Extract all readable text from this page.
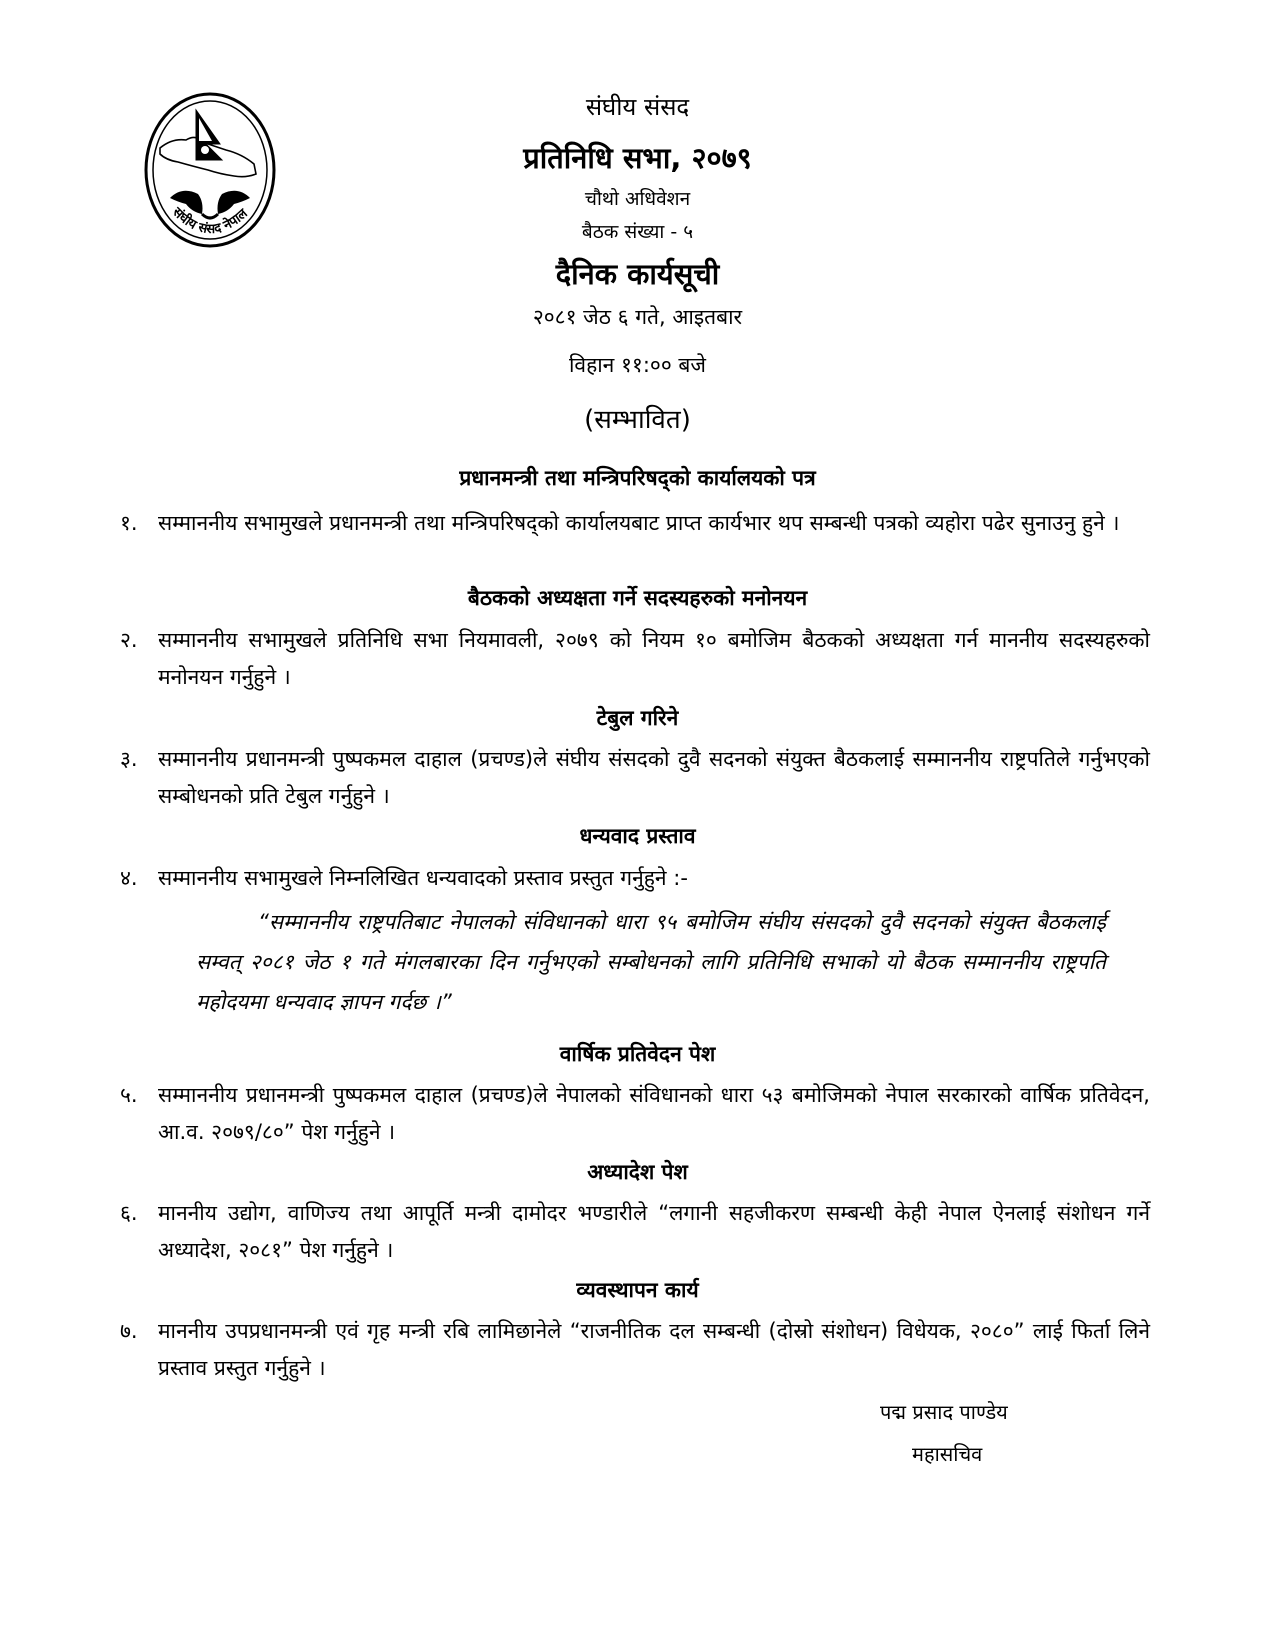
संघीय संसद नेपाल
संघीय संसद
प्रतिनिधि सभा, २०७९
चौथो अधिवेशन
बैठक संख्या - ५
दैनिक कार्यसूची
२०८१ जेठ ६ गते, आइतबार
विहान ११:०० बजे
(सम्भावित)
प्रधानमन्त्री तथा मन्त्रिपरिषद्को कार्यालयको पत्र
१. सम्माननीय सभामुखले प्रधानमन्त्री तथा मन्त्रिपरिषद्को कार्यालयबाट प्राप्त कार्यभार थप सम्बन्धी पत्रको व्यहोरा पढेर सुनाउनु हुने ।
बैठकको अध्यक्षता गर्ने सदस्यहरुको मनोनयन
२. सम्माननीय सभामुखले प्रतिनिधि सभा नियमावली, २०७९ को नियम १० बमोजिम बैठकको अध्यक्षता गर्न माननीय सदस्यहरुको मनोनयन गर्नुहुने ।
टेबुल गरिने
३. सम्माननीय प्रधानमन्त्री पुष्पकमल दाहाल (प्रचण्ड)ले संघीय संसदको दुवै सदनको संयुक्त बैठकलाई सम्माननीय राष्ट्रपतिले गर्नुभएको सम्बोधनको प्रति टेबुल गर्नुहुने ।
धन्यवाद प्रस्ताव
४. सम्माननीय सभामुखले निम्नलिखित धन्यवादको प्रस्ताव प्रस्तुत गर्नुहुने :-
“सम्माननीय राष्ट्रपतिबाट नेपालको संविधानको धारा ९५ बमोजिम संघीय संसदको दुवै सदनको संयुक्त बैठकलाई सम्वत् २०८१ जेठ १ गते मंगलबारका दिन गर्नुभएको सम्बोधनको लागि प्रतिनिधि सभाको यो बैठक सम्माननीय राष्ट्रपति महोदयमा धन्यवाद ज्ञापन गर्दछ ।”
वार्षिक प्रतिवेदन पेश
५. सम्माननीय प्रधानमन्त्री पुष्पकमल दाहाल (प्रचण्ड)ले नेपालको संविधानको धारा ५३ बमोजिमको नेपाल सरकारको वार्षिक प्रतिवेदन, आ.व. २०७९/८०” पेश गर्नुहुने ।
अध्यादेश पेश
६. माननीय उद्योग, वाणिज्य तथा आपूर्ति मन्त्री दामोदर भण्डारीले “लगानी सहजीकरण सम्बन्धी केही नेपाल ऐनलाई संशोधन गर्ने अध्यादेश, २०८१” पेश गर्नुहुने ।
व्यवस्थापन कार्य
७. माननीय उपप्रधानमन्त्री एवं गृह मन्त्री रबि लामिछानेले “राजनीतिक दल सम्बन्धी (दोस्रो संशोधन) विधेयक, २०८०” लाई फिर्ता लिने प्रस्ताव प्रस्तुत गर्नुहुने ।
पद्म प्रसाद पाण्डेय
महासचिव
